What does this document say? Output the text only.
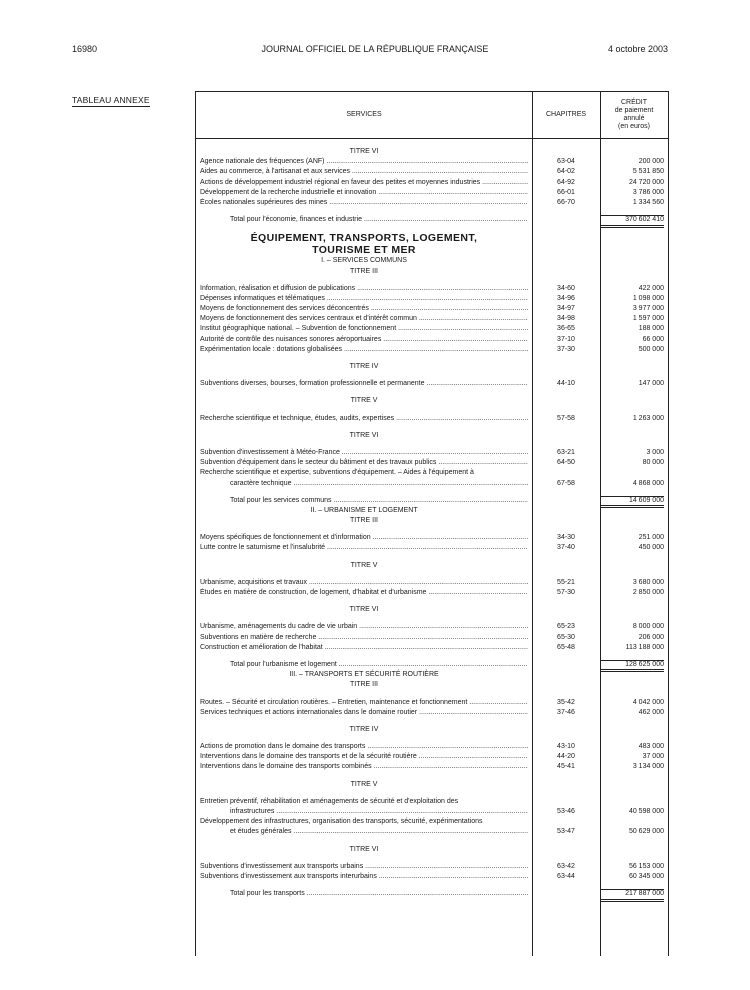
16980	JOURNAL OFFICIEL DE LA RÉPUBLIQUE FRANÇAISE	4 octobre 2003
TABLEAU ANNEXE
SERVICES	CHAPITRES
CRÉDIT
de paiement
annulé
(en euros)
TITRE VI
Agence nationale des fréquences (ANF) .....	63-04	200 000
Aides au commerce, à l'artisanat et aux services .....	64-02	5 531 850
Actions de développement industriel régional en faveur des petites et moyennes industries .....	64-92	24 720 000
Développement de la recherche industrielle et innovation .....	66-01	3 786 000
Écoles nationales supérieures des mines .....	66-70	1 334 560
Total pour l'économie, finances et industrie .....	370 602 410
ÉQUIPEMENT, TRANSPORTS, LOGEMENT,
TOURISME ET MER
I. – SERVICES COMMUNS
TITRE III
Information, réalisation et diffusion de publications .....	34-60	422 000
Dépenses informatiques et télématiques .....	34-96	1 098 000
Moyens de fonctionnement des services déconcentrés .....	34-97	3 977 000
Moyens de fonctionnement des services centraux et d'intérêt commun .....	34-98	1 597 000
Institut géographique national. – Subvention de fonctionnement .....	36-65	188 000
Autorité de contrôle des nuisances sonores aéroportuaires .....	37-10	66 000
Expérimentation locale : dotations globalisées .....	37-30	500 000
TITRE IV
Subventions diverses, bourses, formation professionnelle et permanente .....	44-10	147 000
TITRE V
Recherche scientifique et technique, études, audits, expertises .....	57-58	1 263 000
TITRE VI
Subvention d'investissement à Météo-France .....	63-21	3 000
Subvention d'équipement dans le secteur du bâtiment et des travaux publics .....	64-50	80 000
Recherche scientifique et expertise, subventions d'équipement. – Aides à l'équipement à
caractère technique .....	67-58	4 868 000
Total pour les services communs .....	14 609 000
II. – URBANISME ET LOGEMENT
TITRE III
Moyens spécifiques de fonctionnement et d'information .....	34-30	251 000
Lutte contre le saturnisme et l'insalubrité .....	37-40	450 000
TITRE V
Urbanisme, acquisitions et travaux .....	55-21	3 680 000
Études en matière de construction, de logement, d'habitat et d'urbanisme .....	57-30	2 850 000
TITRE VI
Urbanisme, aménagements du cadre de vie urbain .....	65-23	8 000 000
Subventions en matière de recherche .....	65-30	206 000
Construction et amélioration de l'habitat .....	65-48	113 188 000
Total pour l'urbanisme et logement .....	128 625 000
III. – TRANSPORTS ET SÉCURITÉ ROUTIÈRE
TITRE III
Routes. – Sécurité et circulation routières. – Entretien, maintenance et fonctionnement .....	35-42	4 042 000
Services techniques et actions internationales dans le domaine routier .....	37-46	462 000
TITRE IV
Actions de promotion dans le domaine des transports .....	43-10	483 000
Interventions dans le domaine des transports et de la sécurité routière .....	44-20	37 000
Interventions dans le domaine des transports combinés .....	45-41	3 134 000
TITRE V
Entretien préventif, réhabilitation et aménagements de sécurité et d'exploitation des
infrastructures .....	53-46	40 598 000
Développement des infrastructures, organisation des transports, sécurité, expérimentations
et études générales .....	53-47	50 629 000
TITRE VI
Subventions d'investissement aux transports urbains .....	63-42	56 153 000
Subventions d'investissement aux transports interurbains .....	63-44	60 345 000
Total pour les transports .....	217 887 000
